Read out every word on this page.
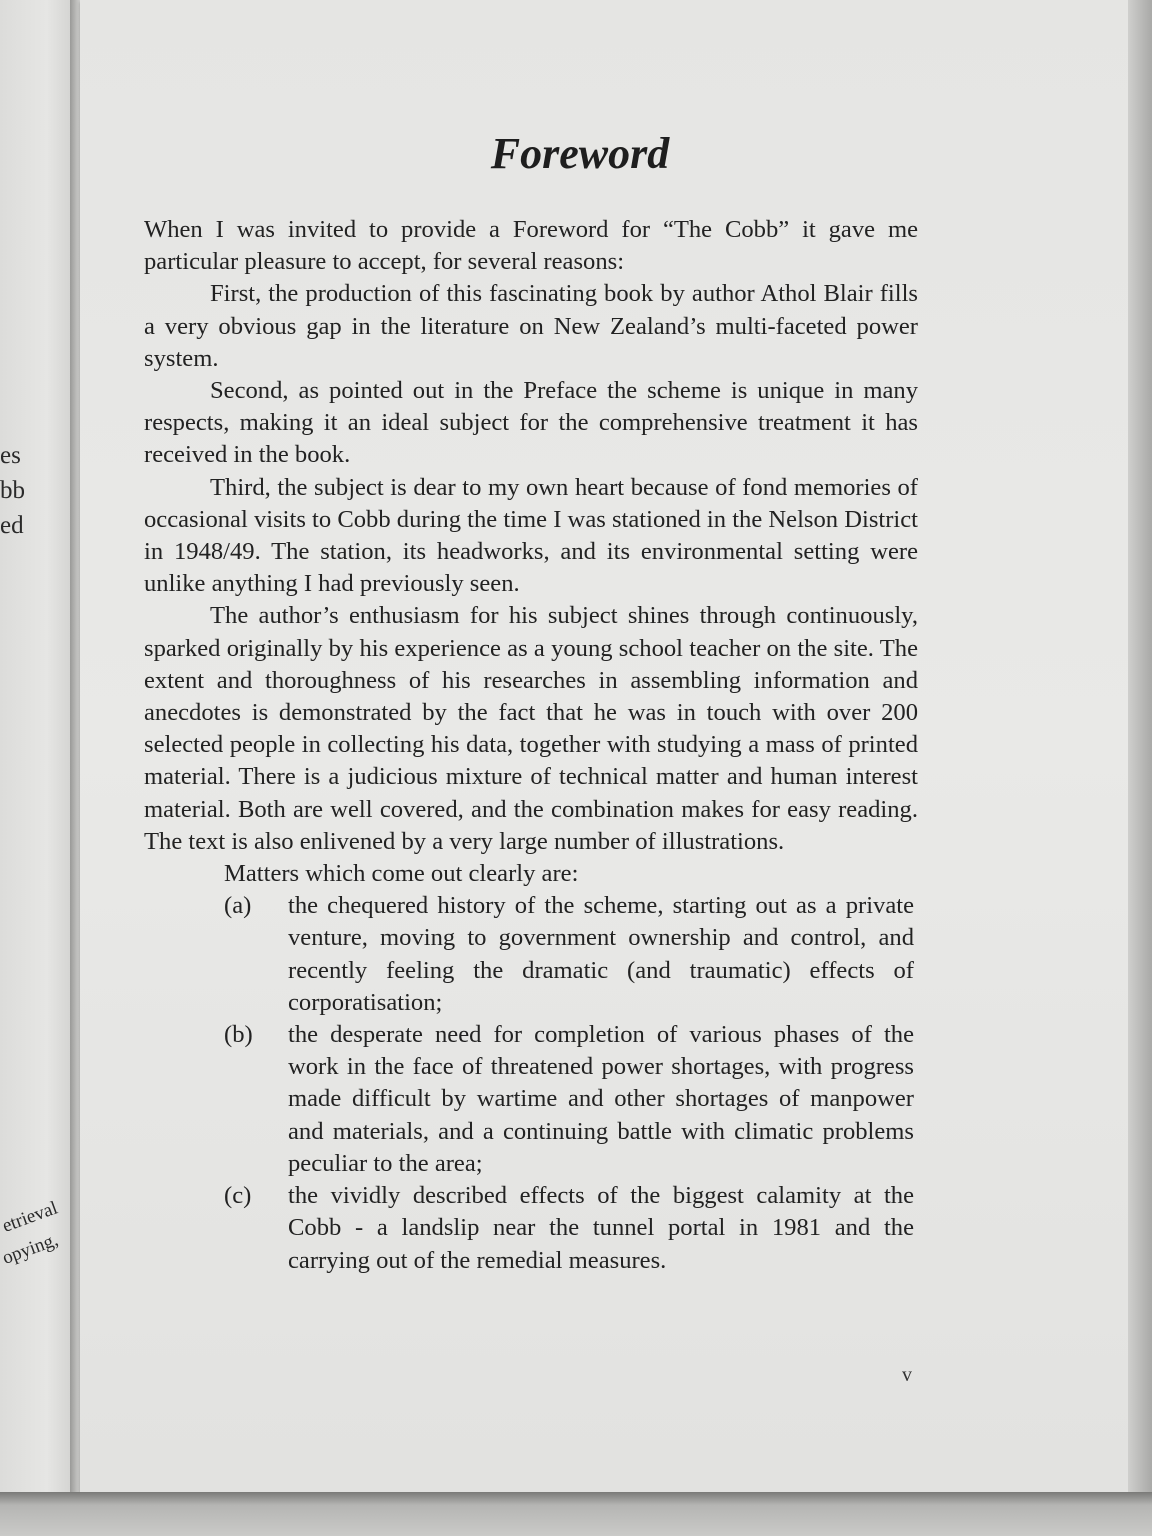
es
bb
ed
etrieval
opying,
Foreword

When I was invited to provide a Foreword for “The Cobb” it gave me particular pleasure to accept, for several reasons:

First, the production of this fascinating book by author Athol Blair fills a very obvious gap in the literature on New Zealand’s multi-faceted power system.

Second, as pointed out in the Preface the scheme is unique in many respects, making it an ideal subject for the comprehensive treatment it has received in the book.

Third, the subject is dear to my own heart because of fond memories of occasional visits to Cobb during the time I was stationed in the Nelson District in 1948/49. The station, its headworks, and its environmental setting were unlike anything I had previously seen.

The author’s enthusiasm for his subject shines through continuously, sparked originally by his experience as a young school teacher on the site. The extent and thoroughness of his researches in assembling information and anecdotes is demonstrated by the fact that he was in touch with over 200 selected people in collecting his data, together with studying a mass of printed material. There is a judicious mixture of technical matter and human interest material. Both are well covered, and the combination makes for easy reading. The text is also enlivened by a very large number of illustrations.

Matters which come out clearly are:

(a)	the chequered history of the scheme, starting out as a private venture, moving to government ownership and control, and recently feeling the dramatic (and traumatic) effects of corporatisation;
(b)	the desperate need for completion of various phases of the work in the face of threatened power shortages, with progress made difficult by wartime and other shortages of manpower and materials, and a continuing battle with climatic problems peculiar to the area;
(c)	the vividly described effects of the biggest calamity at the Cobb - a landslip near the tunnel portal in 1981 and the carrying out of the remedial measures.
v
